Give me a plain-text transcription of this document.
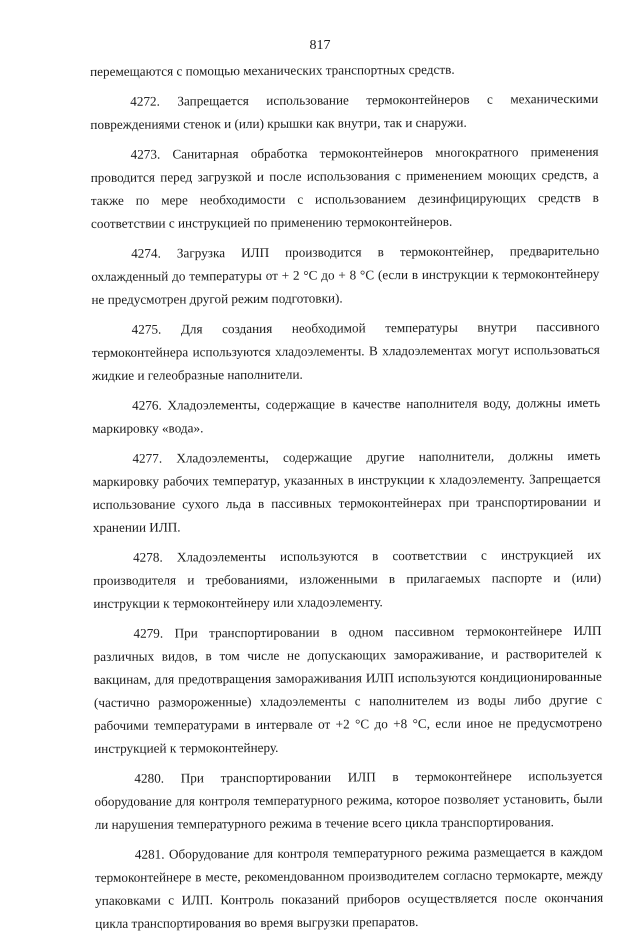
817

перемещаются с помощью механических транспортных средств.

4272. Запрещается использование термоконтейнеров с механическими повреждениями стенок и (или) крышки как внутри, так и снаружи.

4273. Санитарная обработка термоконтейнеров многократного применения проводится перед загрузкой и после использования с применением моющих средств, а также по мере необходимости с использованием дезинфицирующих средств в соответствии с инструкцией по применению термоконтейнеров.

4274. Загрузка ИЛП производится в термоконтейнер, предварительно охлажденный до температуры от + 2 °С до + 8 °С (если в инструкции к термоконтейнеру не предусмотрен другой режим подготовки).

4275. Для создания необходимой температуры внутри пассивного термоконтейнера используются хладоэлементы. В хладоэлементах могут использоваться жидкие и гелеобразные наполнители.

4276. Хладоэлементы, содержащие в качестве наполнителя воду, должны иметь маркировку «вода».

4277. Хладоэлементы, содержащие другие наполнители, должны иметь маркировку рабочих температур, указанных в инструкции к хладоэлементу. Запрещается использование сухого льда в пассивных термоконтейнерах при транспортировании и хранении ИЛП.

4278. Хладоэлементы используются в соответствии с инструкцией их производителя и требованиями, изложенными в прилагаемых паспорте и (или) инструкции к термоконтейнеру или хладоэлементу.

4279. При транспортировании в одном пассивном термоконтейнере ИЛП различных видов, в том числе не допускающих замораживание, и растворителей к вакцинам, для предотвращения замораживания ИЛП используются кондиционированные (частично размороженные) хладоэлементы с наполнителем из воды либо другие с рабочими температурами в интервале от +2 °С до +8 °С, если иное не предусмотрено инструкцией к термоконтейнеру.

4280. При транспортировании ИЛП в термоконтейнере используется оборудование для контроля температурного режима, которое позволяет установить, были ли нарушения температурного режима в течение всего цикла транспортирования.

4281. Оборудование для контроля температурного режима размещается в каждом термоконтейнере в месте, рекомендованном производителем согласно термокарте, между упаковками с ИЛП. Контроль показаний приборов осуществляется после окончания цикла транспортирования во время выгрузки препаратов.
